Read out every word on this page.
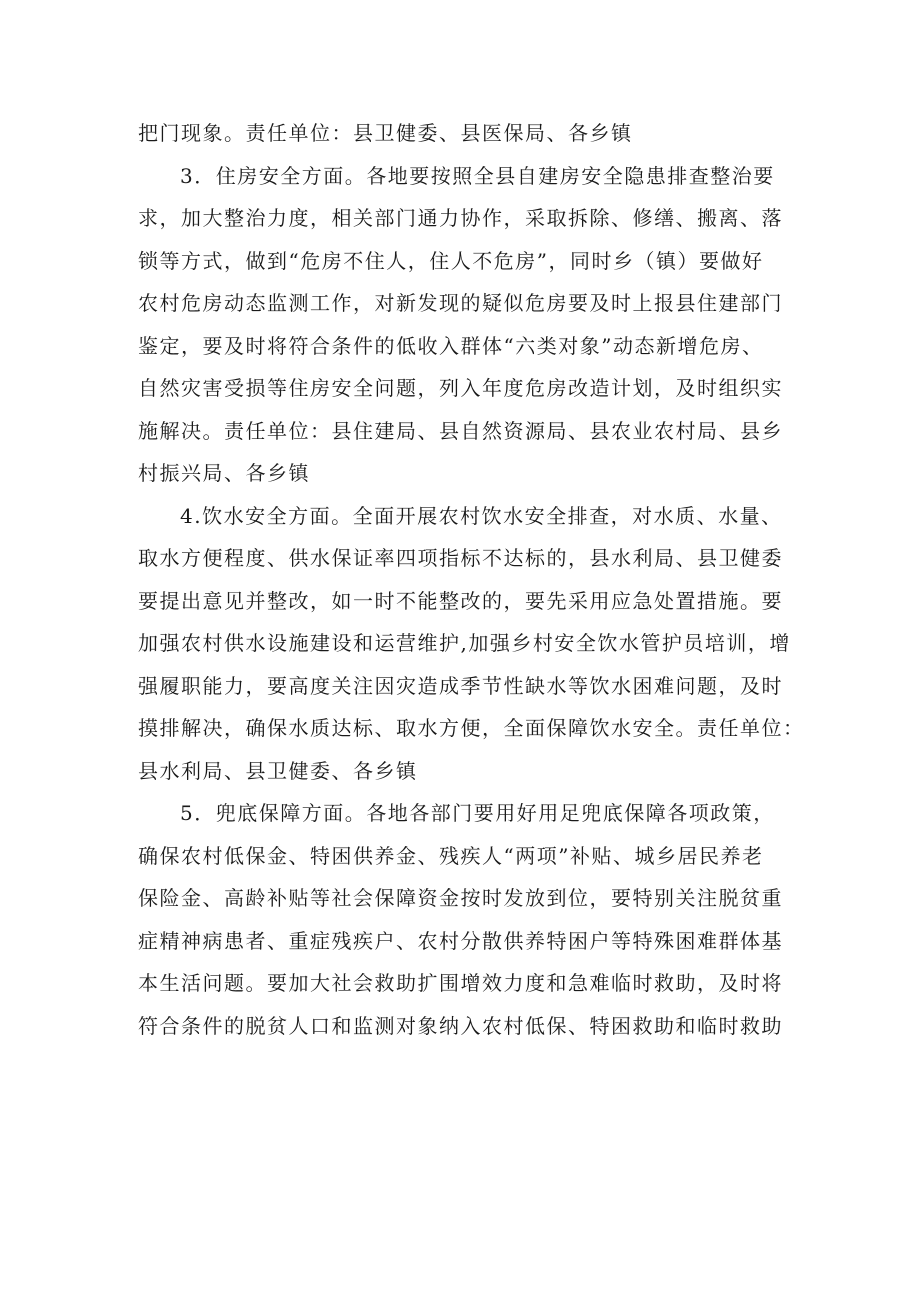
把门现象。责任单位：县卫健委、县医保局、各乡镇
3．住房安全方面。各地要按照全县自建房安全隐患排查整治要
求，加大整治力度，相关部门通力协作，采取拆除、修缮、搬离、落
锁等方式，做到“危房不住人，住人不危房”，同时乡（镇）要做好
农村危房动态监测工作，对新发现的疑似危房要及时上报县住建部门
鉴定，要及时将符合条件的低收入群体“六类对象”动态新增危房、
自然灾害受损等住房安全问题，列入年度危房改造计划，及时组织实
施解决。责任单位：县住建局、县自然资源局、县农业农村局、县乡
村振兴局、各乡镇
4.饮水安全方面。全面开展农村饮水安全排查，对水质、水量、
取水方便程度、供水保证率四项指标不达标的，县水利局、县卫健委
要提出意见并整改，如一时不能整改的，要先采用应急处置措施。要
加强农村供水设施建设和运营维护,加强乡村安全饮水管护员培训，增
强履职能力，要高度关注因灾造成季节性缺水等饮水困难问题，及时
摸排解决，确保水质达标、取水方便，全面保障饮水安全。责任单位：
县水利局、县卫健委、各乡镇
5．兜底保障方面。各地各部门要用好用足兜底保障各项政策，
确保农村低保金、特困供养金、残疾人“两项”补贴、城乡居民养老
保险金、高龄补贴等社会保障资金按时发放到位，要特别关注脱贫重
症精神病患者、重症残疾户、农村分散供养特困户等特殊困难群体基
本生活问题。要加大社会救助扩围增效力度和急难临时救助，及时将
符合条件的脱贫人口和监测对象纳入农村低保、特困救助和临时救助
